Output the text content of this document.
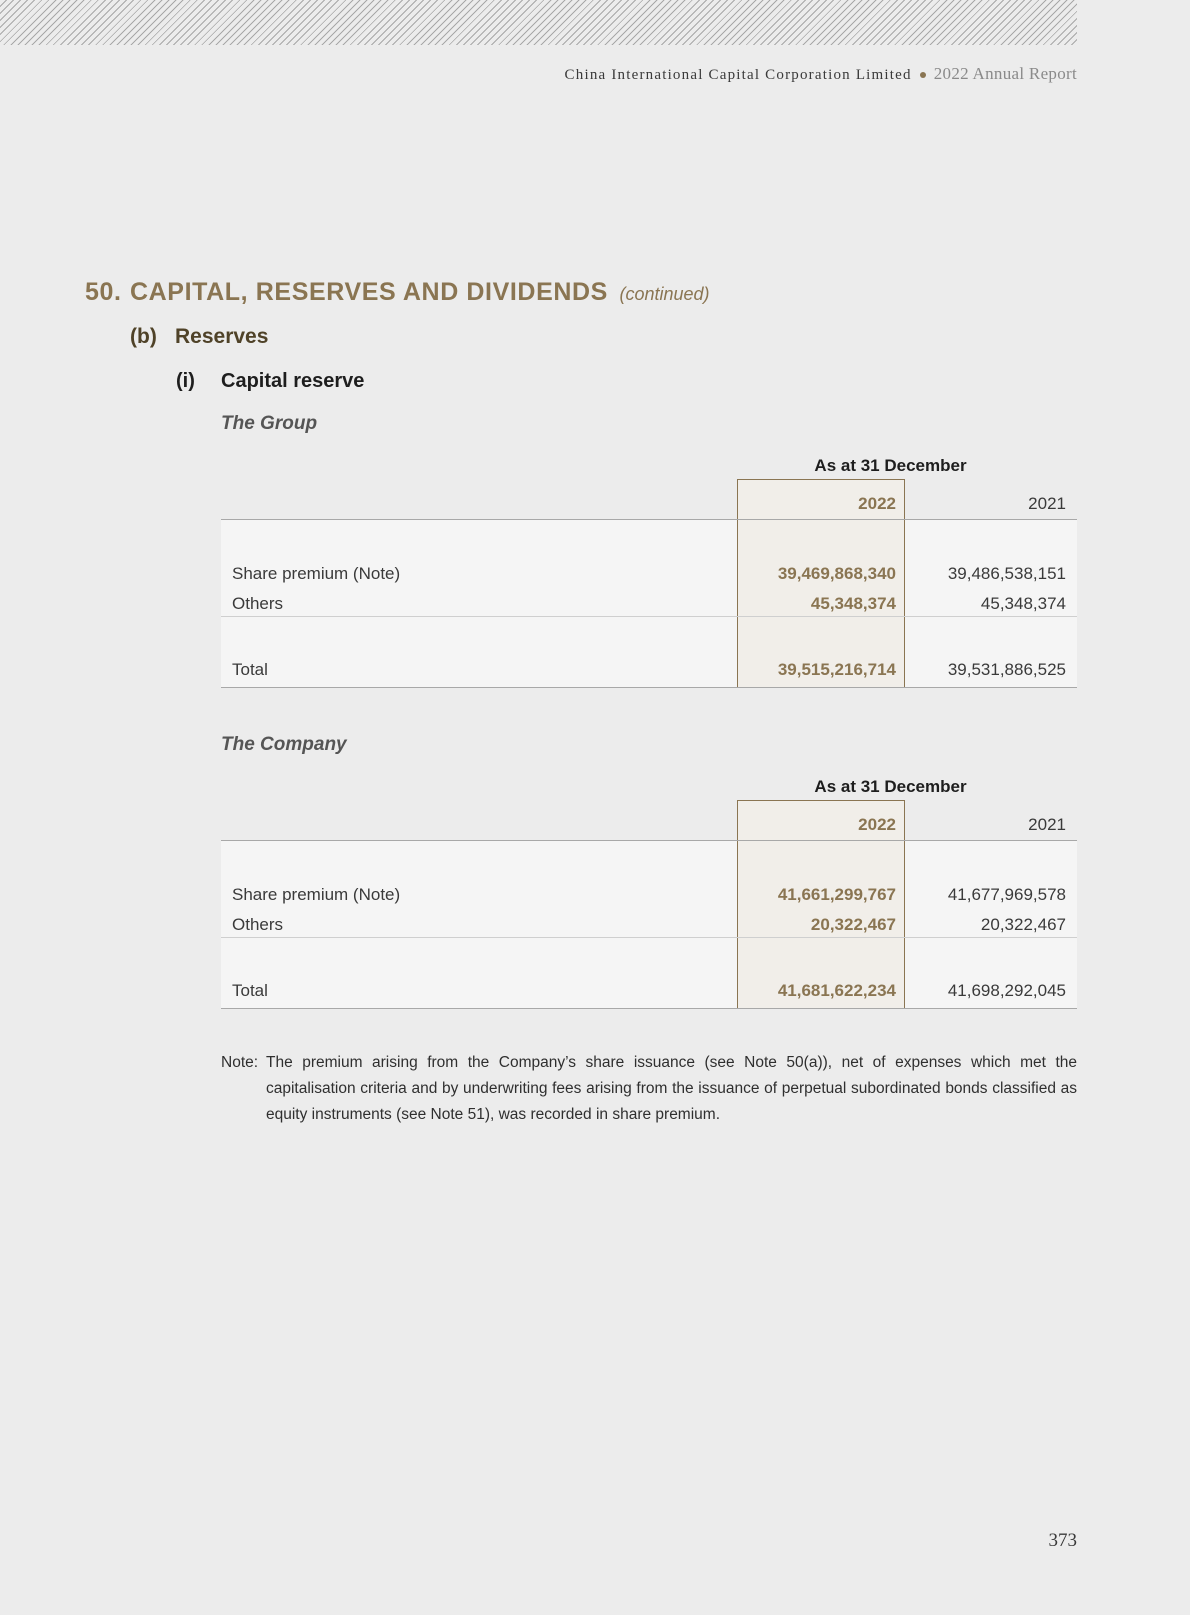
China International Capital Corporation Limited 2022 Annual Report
50. CAPITAL, RESERVES AND DIVIDENDS (continued)
(b) Reserves
(i) Capital reserve
The Group
As at 31 December
2022	2021
Share premium (Note)	39,469,868,340	39,486,538,151
Others	45,348,374	45,348,374
Total	39,515,216,714	39,531,886,525
The Company
As at 31 December
2022	2021
Share premium (Note)	41,661,299,767	41,677,969,578
Others	20,322,467	20,322,467
Total	41,681,622,234	41,698,292,045
Note: The premium arising from the Company’s share issuance (see Note 50(a)), net of expenses which met the capitalisation criteria and by underwriting fees arising from the issuance of perpetual subordinated bonds classified as equity instruments (see Note 51), was recorded in share premium.
373
